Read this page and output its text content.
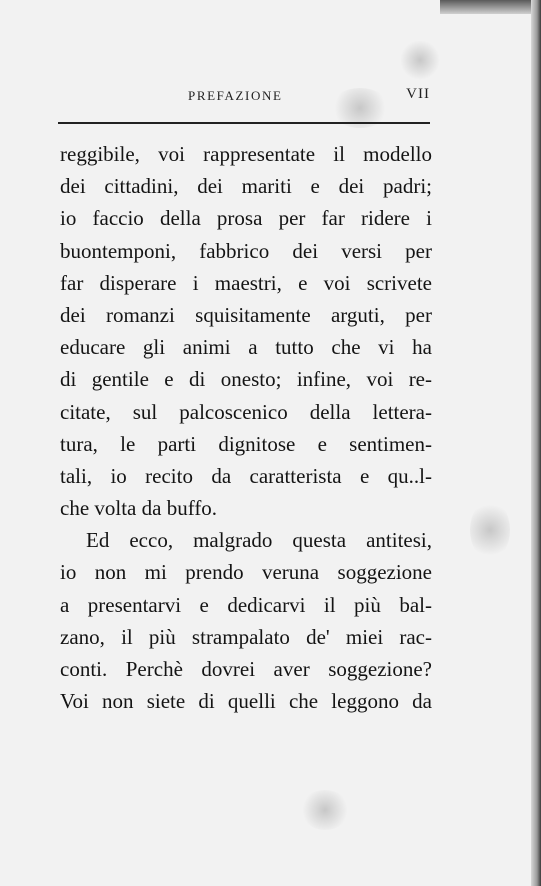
PREFAZIONE	VII
reggibile, voi rappresentate il modello
dei cittadini, dei mariti e dei padri;
io faccio della prosa per far ridere i
buontemponi, fabbrico dei versi per
far disperare i maestri, e voi scrivete
dei romanzi squisitamente arguti, per
educare gli animi a tutto che vi ha
di gentile e di onesto; infine, voi re-
citate, sul palcoscenico della lettera-
tura, le parti dignitose e sentimen-
tali, io recito da caratterista e qu..l-
che volta da buffo.
Ed ecco, malgrado questa antitesi,
io non mi prendo veruna soggezione
a presentarvi e dedicarvi il più bal-
zano, il più strampalato de' miei rac-
conti. Perchè dovrei aver soggezione?
Voi non siete di quelli che leggono da
